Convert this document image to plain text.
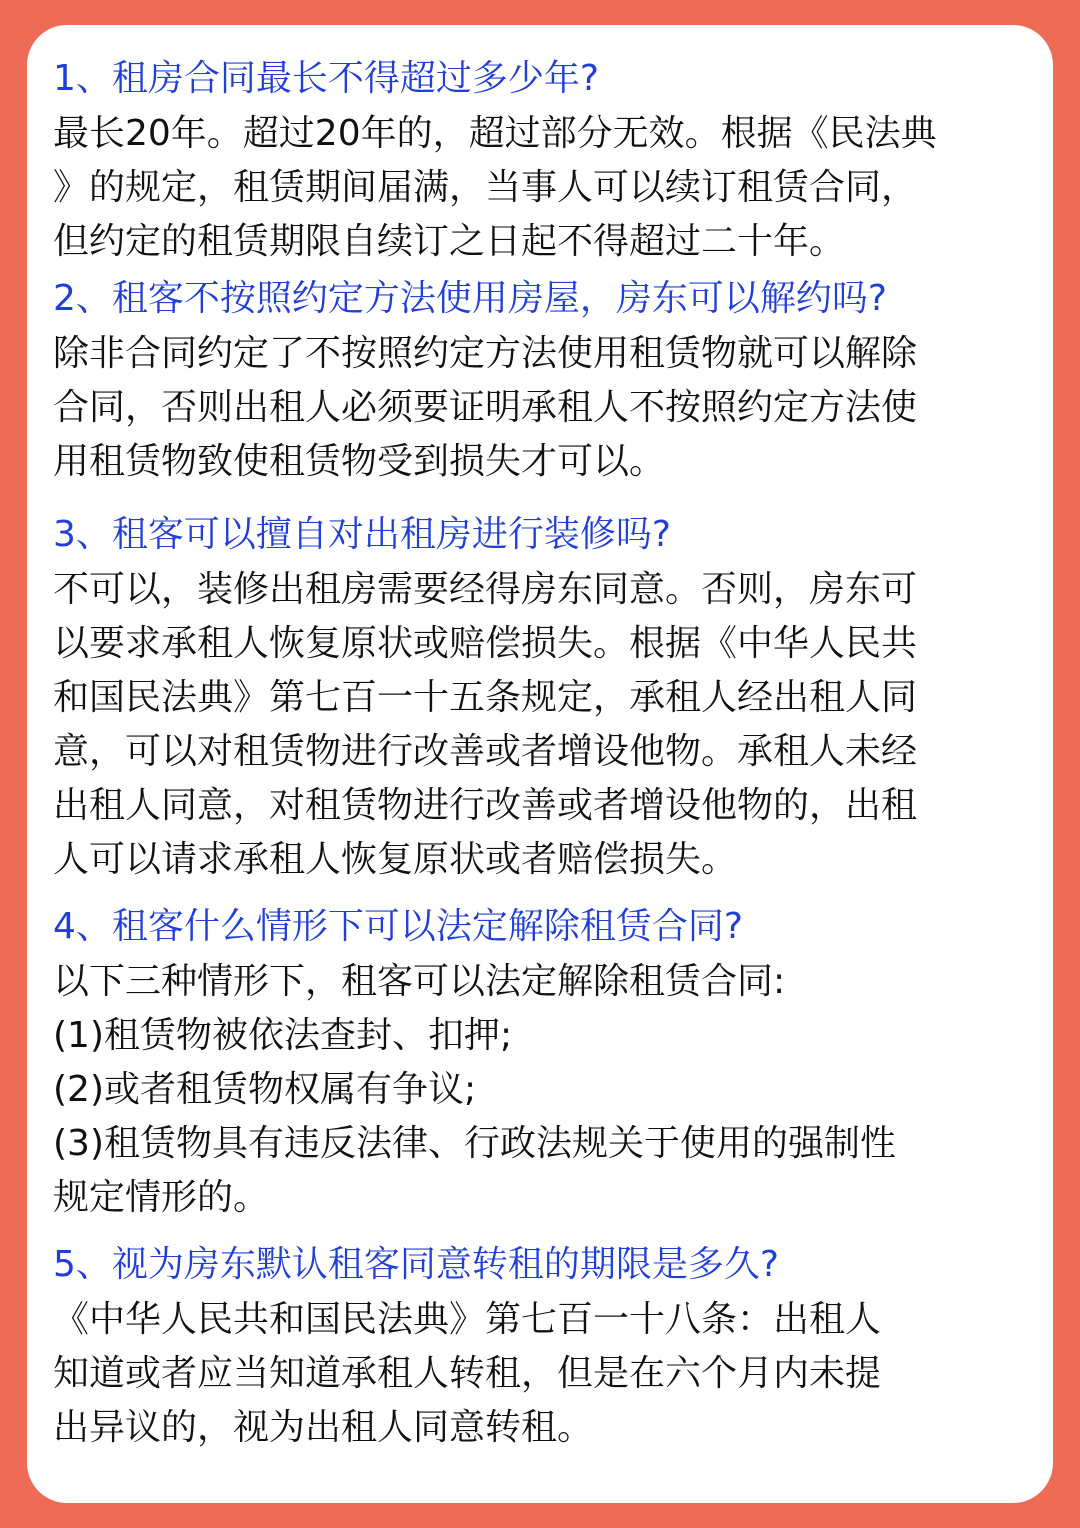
1、租房合同最长不得超过多少年?

最长20年。超过20年的，超过部分无效。根据《民法典
》的规定，租赁期间届满，当事人可以续订租赁合同，
但约定的租赁期限自续订之日起不得超过二十年。

2、租客不按照约定方法使用房屋，房东可以解约吗?

除非合同约定了不按照约定方法使用租赁物就可以解除
合同，否则出租人必须要证明承租人不按照约定方法使
用租赁物致使租赁物受到损失才可以。

3、租客可以擅自对出租房进行装修吗?

不可以，装修出租房需要经得房东同意。否则，房东可
以要求承租人恢复原状或赔偿损失。根据《中华人民共
和国民法典》第七百一十五条规定，承租人经出租人同
意，可以对租赁物进行改善或者增设他物。承租人未经
出租人同意，对租赁物进行改善或者增设他物的，出租
人可以请求承租人恢复原状或者赔偿损失。

4、租客什么情形下可以法定解除租赁合同?

以下三种情形下，租客可以法定解除租赁合同:
(1)租赁物被依法查封、扣押;
(2)或者租赁物权属有争议;
(3)租赁物具有违反法律、行政法规关于使用的强制性
规定情形的。

5、视为房东默认租客同意转租的期限是多久?

《中华人民共和国民法典》第七百一十八条：出租人
知道或者应当知道承租人转租，但是在六个月内未提
出异议的，视为出租人同意转租。
